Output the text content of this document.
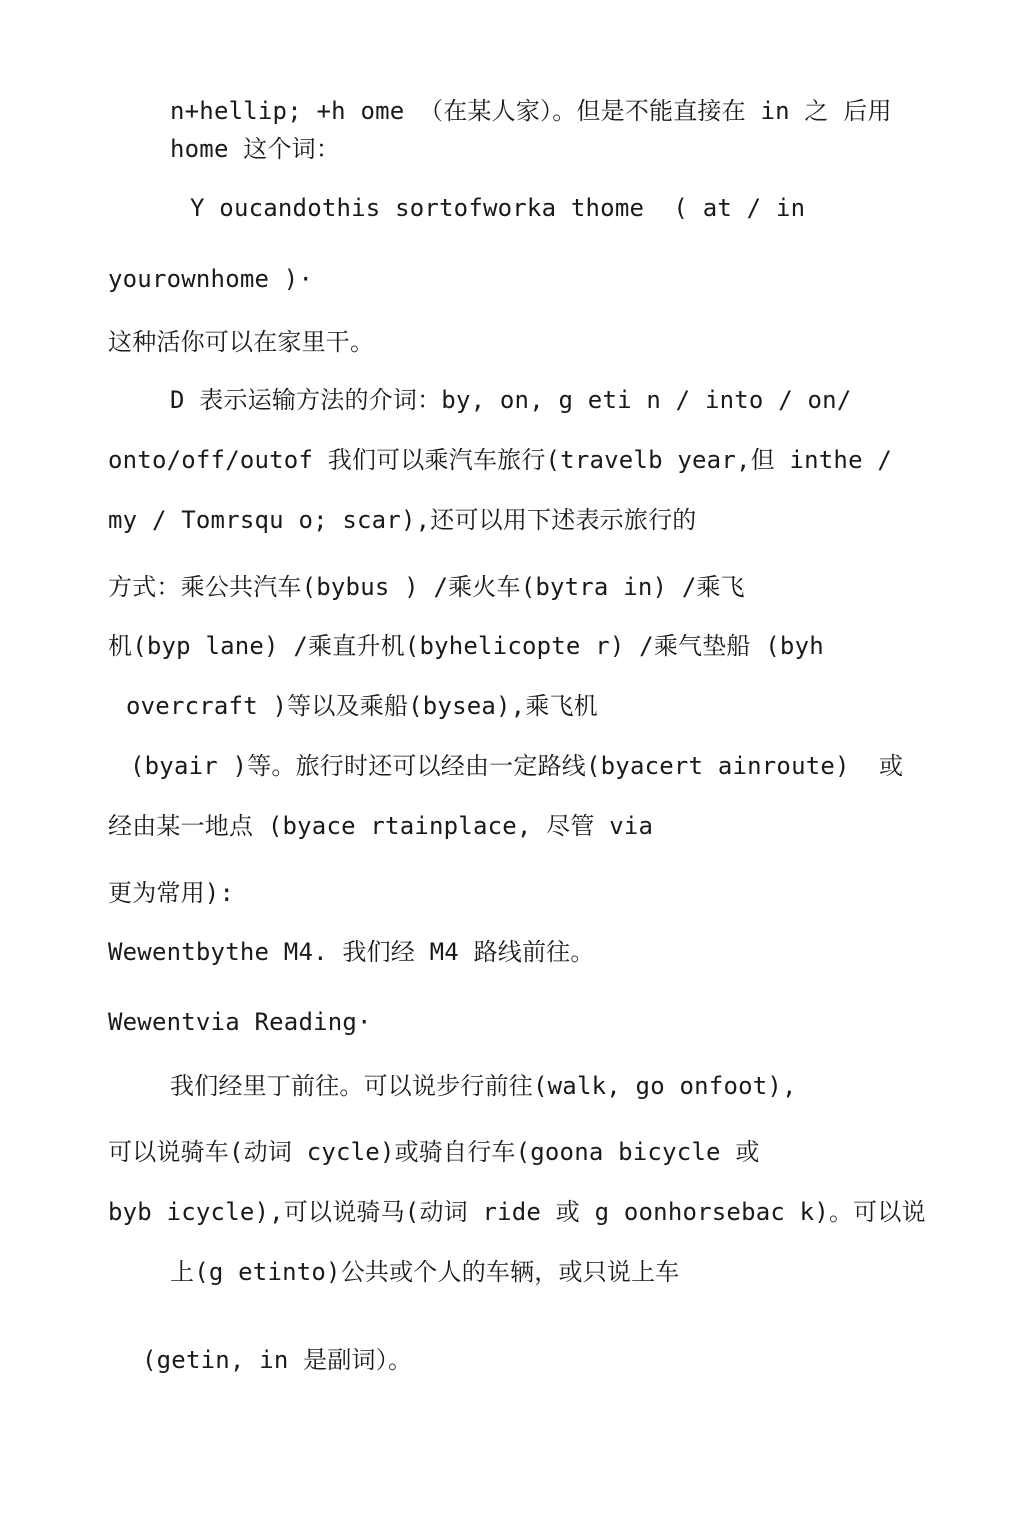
n+hellip; +h ome （在某人家）。但是不能直接在 in 之 后用
home 这个词：
Y oucandothis sortofworka thome  ( at / in
yourownhome )·
这种活你可以在家里干。
D 表示运输方法的介词：by, on, g eti n / into / on/
onto/off/outof 我们可以乘汽车旅行(travelb year,但 inthe /
my / Tomrsqu o; scar),还可以用下述表示旅行的
方式：乘公共汽车(bybus ) /乘火车(bytra in) /乘飞
机(byp lane) /乘直升机(byhelicopte r) /乘气垫船 (byh
overcraft )等以及乘船(bysea),乘飞机
(byair )等。旅行时还可以经由一定路线(byacert ainroute)  或
经由某一地点 (byace rtainplace, 尽管 via
更为常用):
Wewentbythe M4. 我们经 M4 路线前往。
Wewentvia Reading·
我们经里丁前往。可以说步行前往(walk, go onfoot),
可以说骑车(动词 cycle)或骑自行车(goona bicycle 或
byb icycle),可以说骑马(动词 ride 或 g oonhorsebac k)。可以说
上(g etinto)公共或个人的车辆，或只说上车
(getin, in 是副词）。
